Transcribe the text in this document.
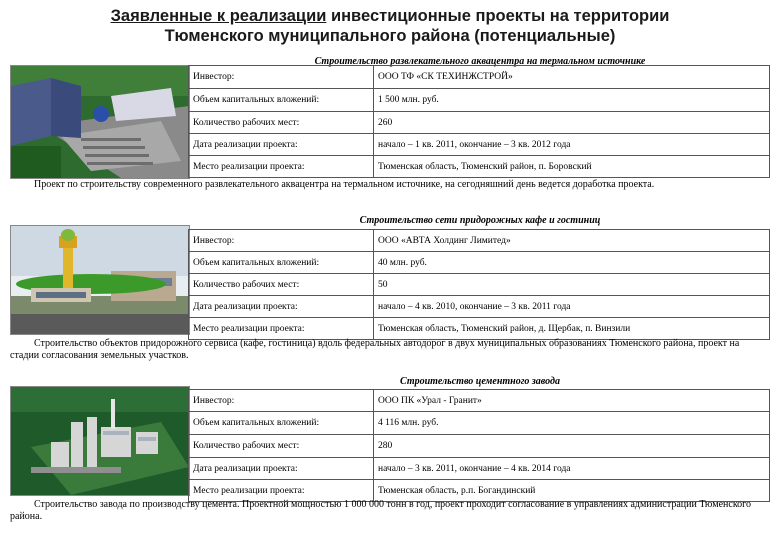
Заявленные к реализации инвестиционные проекты на территории
Тюменского муниципального района (потенциальные)
Строительство развлекательного аквацентра на термальном источнике
Инвестор:	ООО ТФ «СК ТЕХИНЖСТРОЙ»
Объем капитальных вложений:	1 500 млн. руб.
Количество рабочих мест:	260
Дата реализации проекта:	начало – 1 кв. 2011, окончание – 3 кв. 2012 года
Место реализации проекта:	Тюменская область, Тюменский район, п. Боровский
Проект по строительству современного развлекательного аквацентра на термальном источнике, на сегодняшний день ведется доработка проекта.
Строительство сети придорожных кафе и гостиниц
Инвестор:	ООО «АВТА Холдинг Лимитед»
Объем капитальных вложений:	40 млн. руб.
Количество рабочих мест:	50
Дата реализации проекта:	начало – 4 кв. 2010, окончание – 3 кв. 2011 года
Место реализации проекта:	Тюменская область, Тюменский район, д. Щербак, п. Винзили
Строительство объектов придорожного сервиса (кафе, гостиница) вдоль федеральных автодорог в двух муниципальных образованиях Тюменского района, проект на стадии согласования земельных участков.
Строительство цементного завода
Инвестор:	ООО ПК «Урал - Гранит»
Объем капитальных вложений:	4 116 млн. руб.
Количество рабочих мест:	280
Дата реализации проекта:	начало – 3 кв. 2011, окончание – 4 кв. 2014 года
Место реализации проекта:	Тюменская область, р.п. Богандинский
Строительство завода по производству цемента. Проектной мощностью 1 000 000 тонн в год, проект проходит согласование в управлениях администрации Тюменского района.
